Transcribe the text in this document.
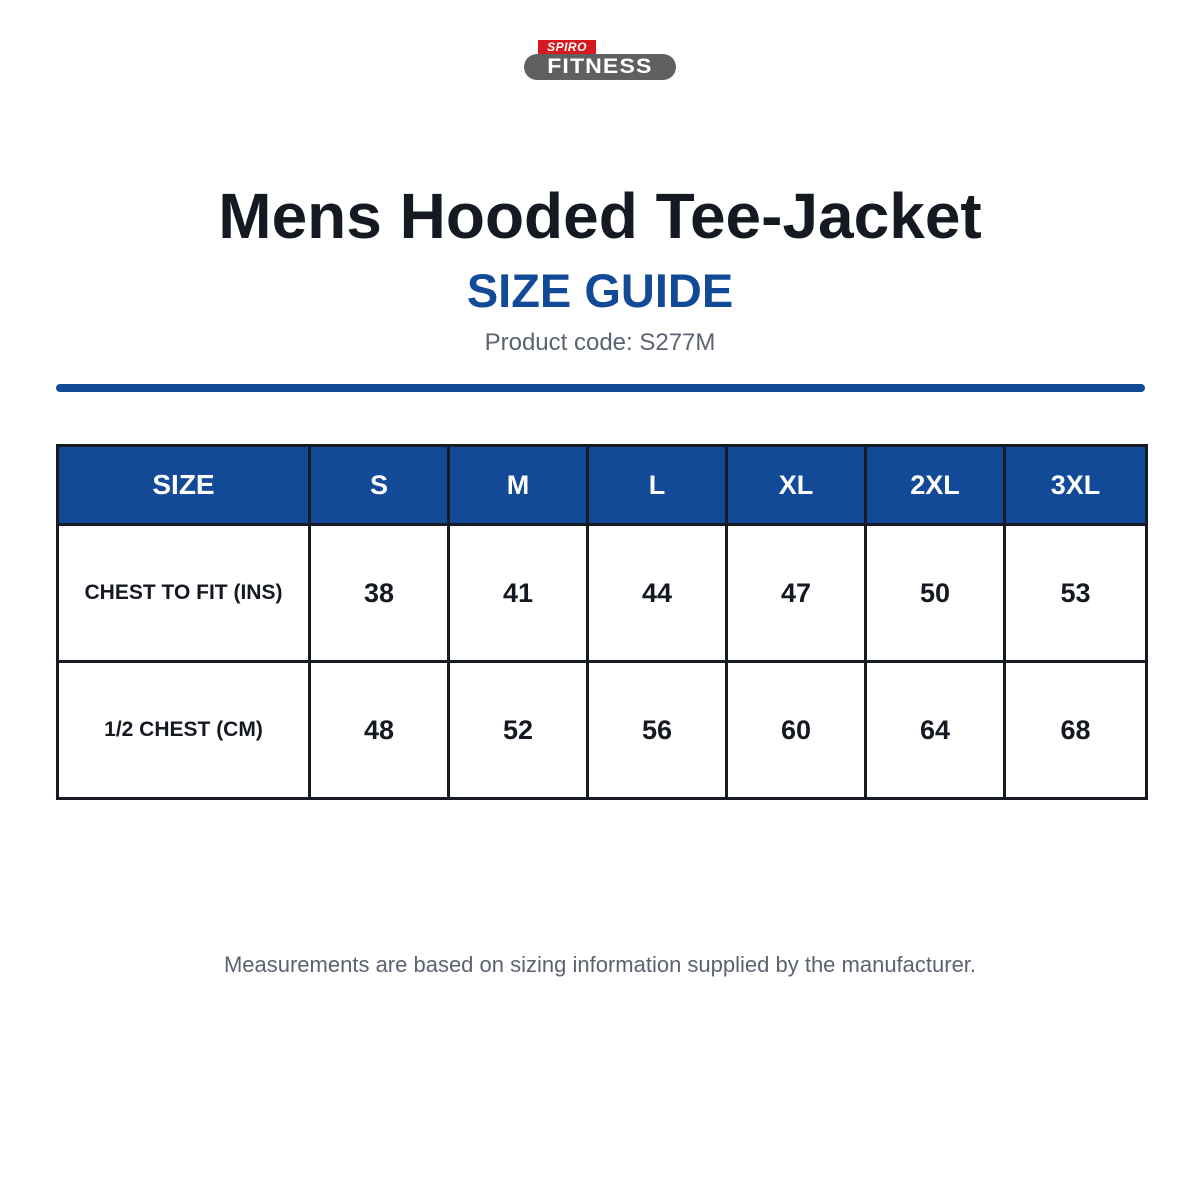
SPIRO
FITNESS
Mens Hooded Tee-Jacket
SIZE GUIDE
Product code: S277M
SIZE	S	M	L	XL	2XL	3XL
CHEST TO FIT (INS)	38	41	44	47	50	53
1/2 CHEST (CM)	48	52	56	60	64	68
Measurements are based on sizing information supplied by the manufacturer.
